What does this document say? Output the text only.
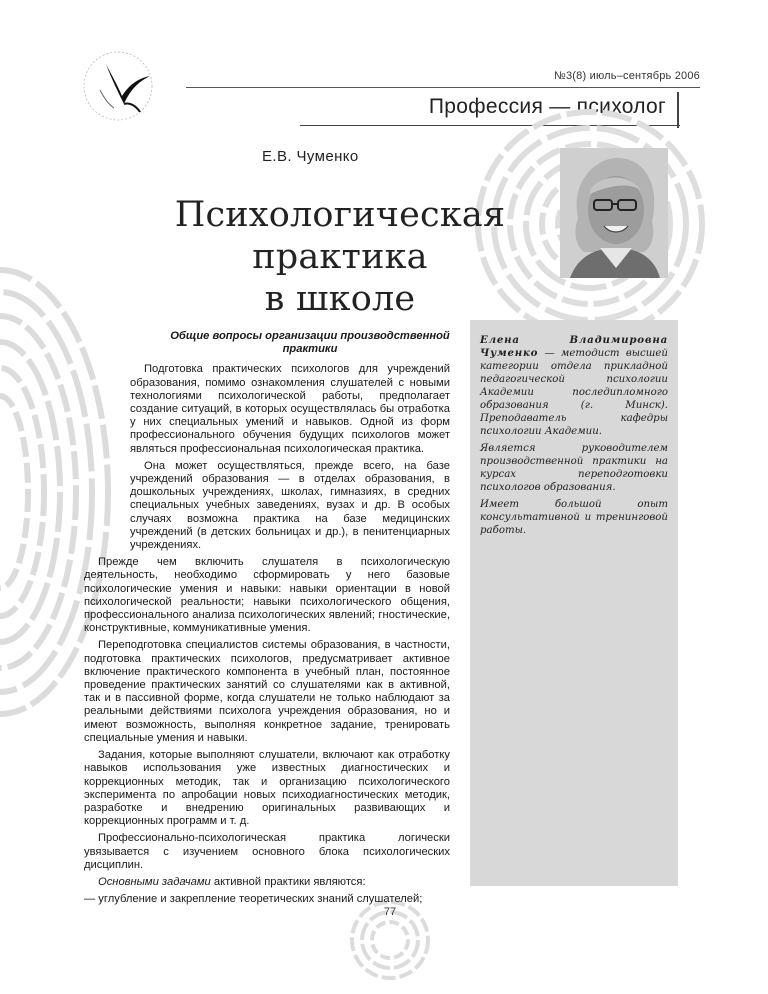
№3(8) июль–сентябрь 2006
Профессия — психолог
Е.В. Чуменко
Психологическая практика
в школе
Общие вопросы организации производственной практики

Подготовка практических психологов для учреждений образования, помимо ознакомления слушателей с новыми технологиями психологической работы, предполагает создание ситуаций, в которых осуществлялась бы отработка у них специальных умений и навыков. Одной из форм профессионального обучения будущих психологов может являться профессиональная психологическая практика.

Она может осуществляться, прежде всего, на базе учреждений образования — в отделах образования, в дошкольных учреждениях, школах, гимназиях, в средних специальных учебных заведениях, вузах и др. В особых случаях возможна практика на базе медицинских учреждений (в детских больницах и др.), в пенитенциарных учреждениях.

Прежде чем включить слушателя в психологическую деятельность, необходимо сформировать у него базовые психологические умения и навыки: навыки ориентации в новой психологической реальности; навыки психологического общения, профессионального анализа психологических явлений; гностические, конструктивные, коммуникативные умения.

Переподготовка специалистов системы образования, в частности, подготовка практических психологов, предусматривает активное включение практического компонента в учебный план, постоянное проведение практических занятий со слушателями как в активной, так и в пассивной форме, когда слушатели не только наблюдают за реальными действиями психолога учреждения образования, но и имеют возможность, выполняя конкретное задание, тренировать специальные умения и навыки.

Задания, которые выполняют слушатели, включают как отработку навыков использования уже известных диагностических и коррекционных методик, так и организацию психологического эксперимента по апробации новых психодиагностических методик, разработке и внедрению оригинальных развивающих и коррекционных программ и т. д.

Профессионально-психологическая практика логически увязывается с изучением основного блока психологических дисциплин.

Основными задачами активной практики являются:

— углубление и закрепление теоретических знаний слушателей;

Елена Владимировна Чуменко — методист высшей категории отдела прикладной педагогической психологии Академии последипломного образования (г. Минск). Преподаватель кафедры психологии Академии.

Является руководителем производственной практики на курсах переподготовки психологов образования.

Имеет большой опыт консультативной и тренинговой работы.

77
